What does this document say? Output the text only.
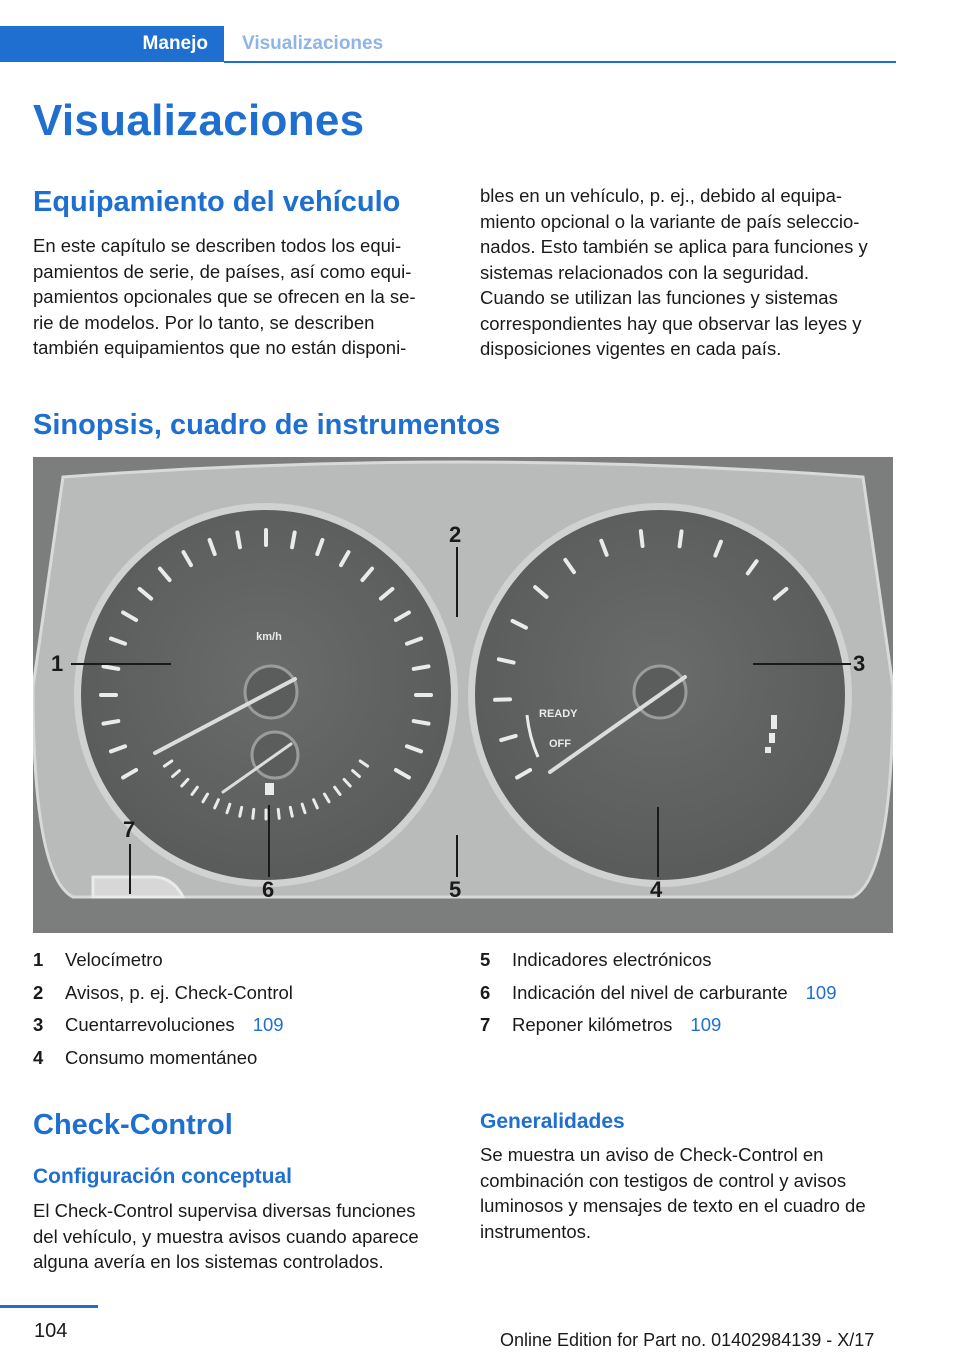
Manejo	Visualizaciones
Visualizaciones
Equipamiento del vehículo
En este capítulo se describen todos los equi-
pamientos de serie, de países, así como equi-
pamientos opcionales que se ofrecen en la se-
rie de modelos. Por lo tanto, se describen
también equipamientos que no están disponi-
bles en un vehículo, p. ej., debido al equipa-
miento opcional o la variante de país seleccio-
nados. Esto también se aplica para funciones y
sistemas relacionados con la seguridad.
Cuando se utilizan las funciones y sistemas
correspondientes hay que observar las leyes y
disposiciones vigentes en cada país.
Sinopsis, cuadro de instrumentos
km/h
READY
OFF
1
2
3
4
5
6
7
1	Velocímetro
2	Avisos, p. ej. Check-Control
3	Cuentarrevoluciones 109
4	Consumo momentáneo
5	Indicadores electrónicos
6	Indicación del nivel de carburante 109
7	Reponer kilómetros 109
Check-Control
Configuración conceptual
El Check-Control supervisa diversas funciones
del vehículo, y muestra avisos cuando aparece
alguna avería en los sistemas controlados.
Generalidades
Se muestra un aviso de Check-Control en
combinación con testigos de control y avisos
luminosos y mensajes de texto en el cuadro de
instrumentos.
104	Online Edition for Part no. 01402984139 - X/17
